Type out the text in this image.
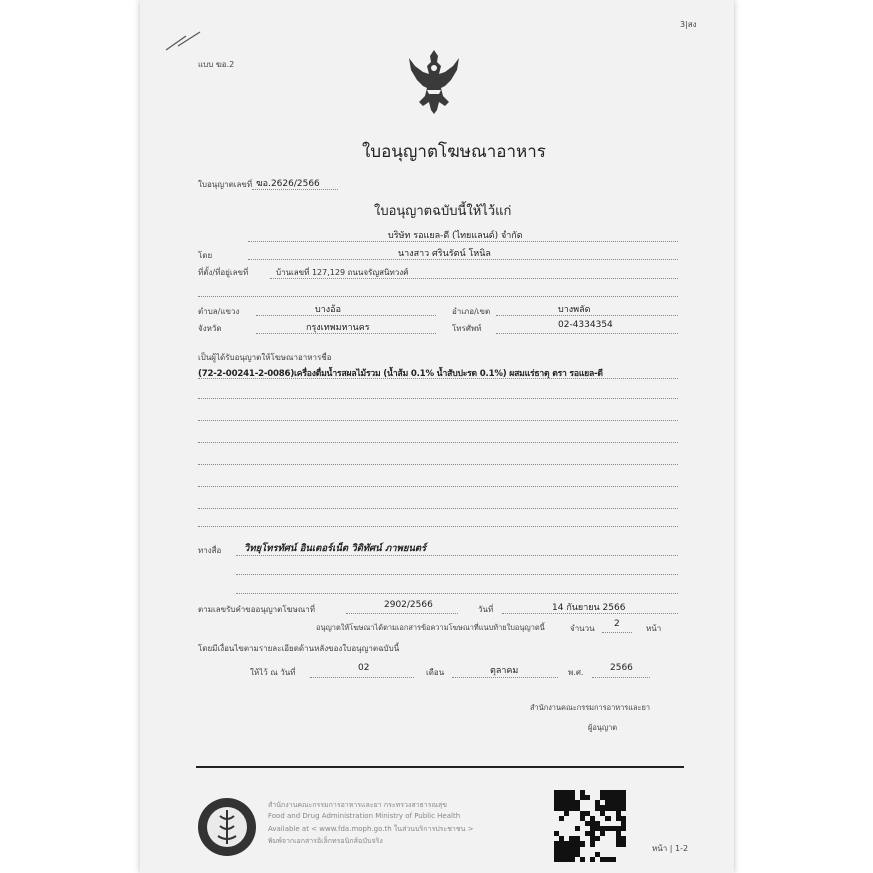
3|สง
แบบ ฆอ.2
ใบอนุญาตโฆษณาอาหาร
ใบอนุญาตเลขที่ ฆอ.2626/2566
ใบอนุญาตฉบับนี้ให้ไว้แก่
บริษัท รอแยล-ดี (ไทยแลนด์) จำกัด
โดย	นางสาว ศรินรัตน์ โหนิล
ที่ตั้ง/ที่อยู่เลขที่	บ้านเลขที่ 127,129 ถนนจรัญสนิทวงศ์
ตำบล/แขวง	บางอ้อ	อำเภอ/เขต	บางพลัด
จังหวัด	กรุงเทพมหานคร	โทรศัพท์	02-4334354
เป็นผู้ได้รับอนุญาตให้โฆษณาอาหารชื่อ
(72-2-00241-2-0086)เครื่องดื่มน้ำรสผลไม้รวม (น้ำส้ม 0.1% น้ำสับปะรด 0.1%) ผสมแร่ธาตุ ตรา รอแยล-ดี
ทางสื่อ วิทยุโทรทัศน์ อินเตอร์เน็ต วิดิทัศน์ ภาพยนตร์
ตามเลขรับคำขออนุญาตโฆษณาที่	2902/2566	วันที่	14 กันยายน 2566
อนุญาตให้โฆษณาได้ตามเอกสารข้อความโฆษณาที่แนบท้ายใบอนุญาตนี้	จำนวน 2	หน้า
โดยมีเงื่อนไขตามรายละเอียดด้านหลังของใบอนุญาตฉบับนี้
ให้ไว้ ณ วันที่	02	เดือน	ตุลาคม	พ.ศ.	2566
สำนักงานคณะกรรมการอาหารและยา
ผู้อนุญาต
สำนักงานคณะกรรมการอาหารและยา กระทรวงสาธารณสุข
Food and Drug Administration Ministry of Public Health
Available at < www.fda.moph.go.th ในส่วนบริการประชาชน >
พิมพ์จากเอกสารอิเล็กทรอนิกส์ฉบับจริง
หน้า | 1-2
